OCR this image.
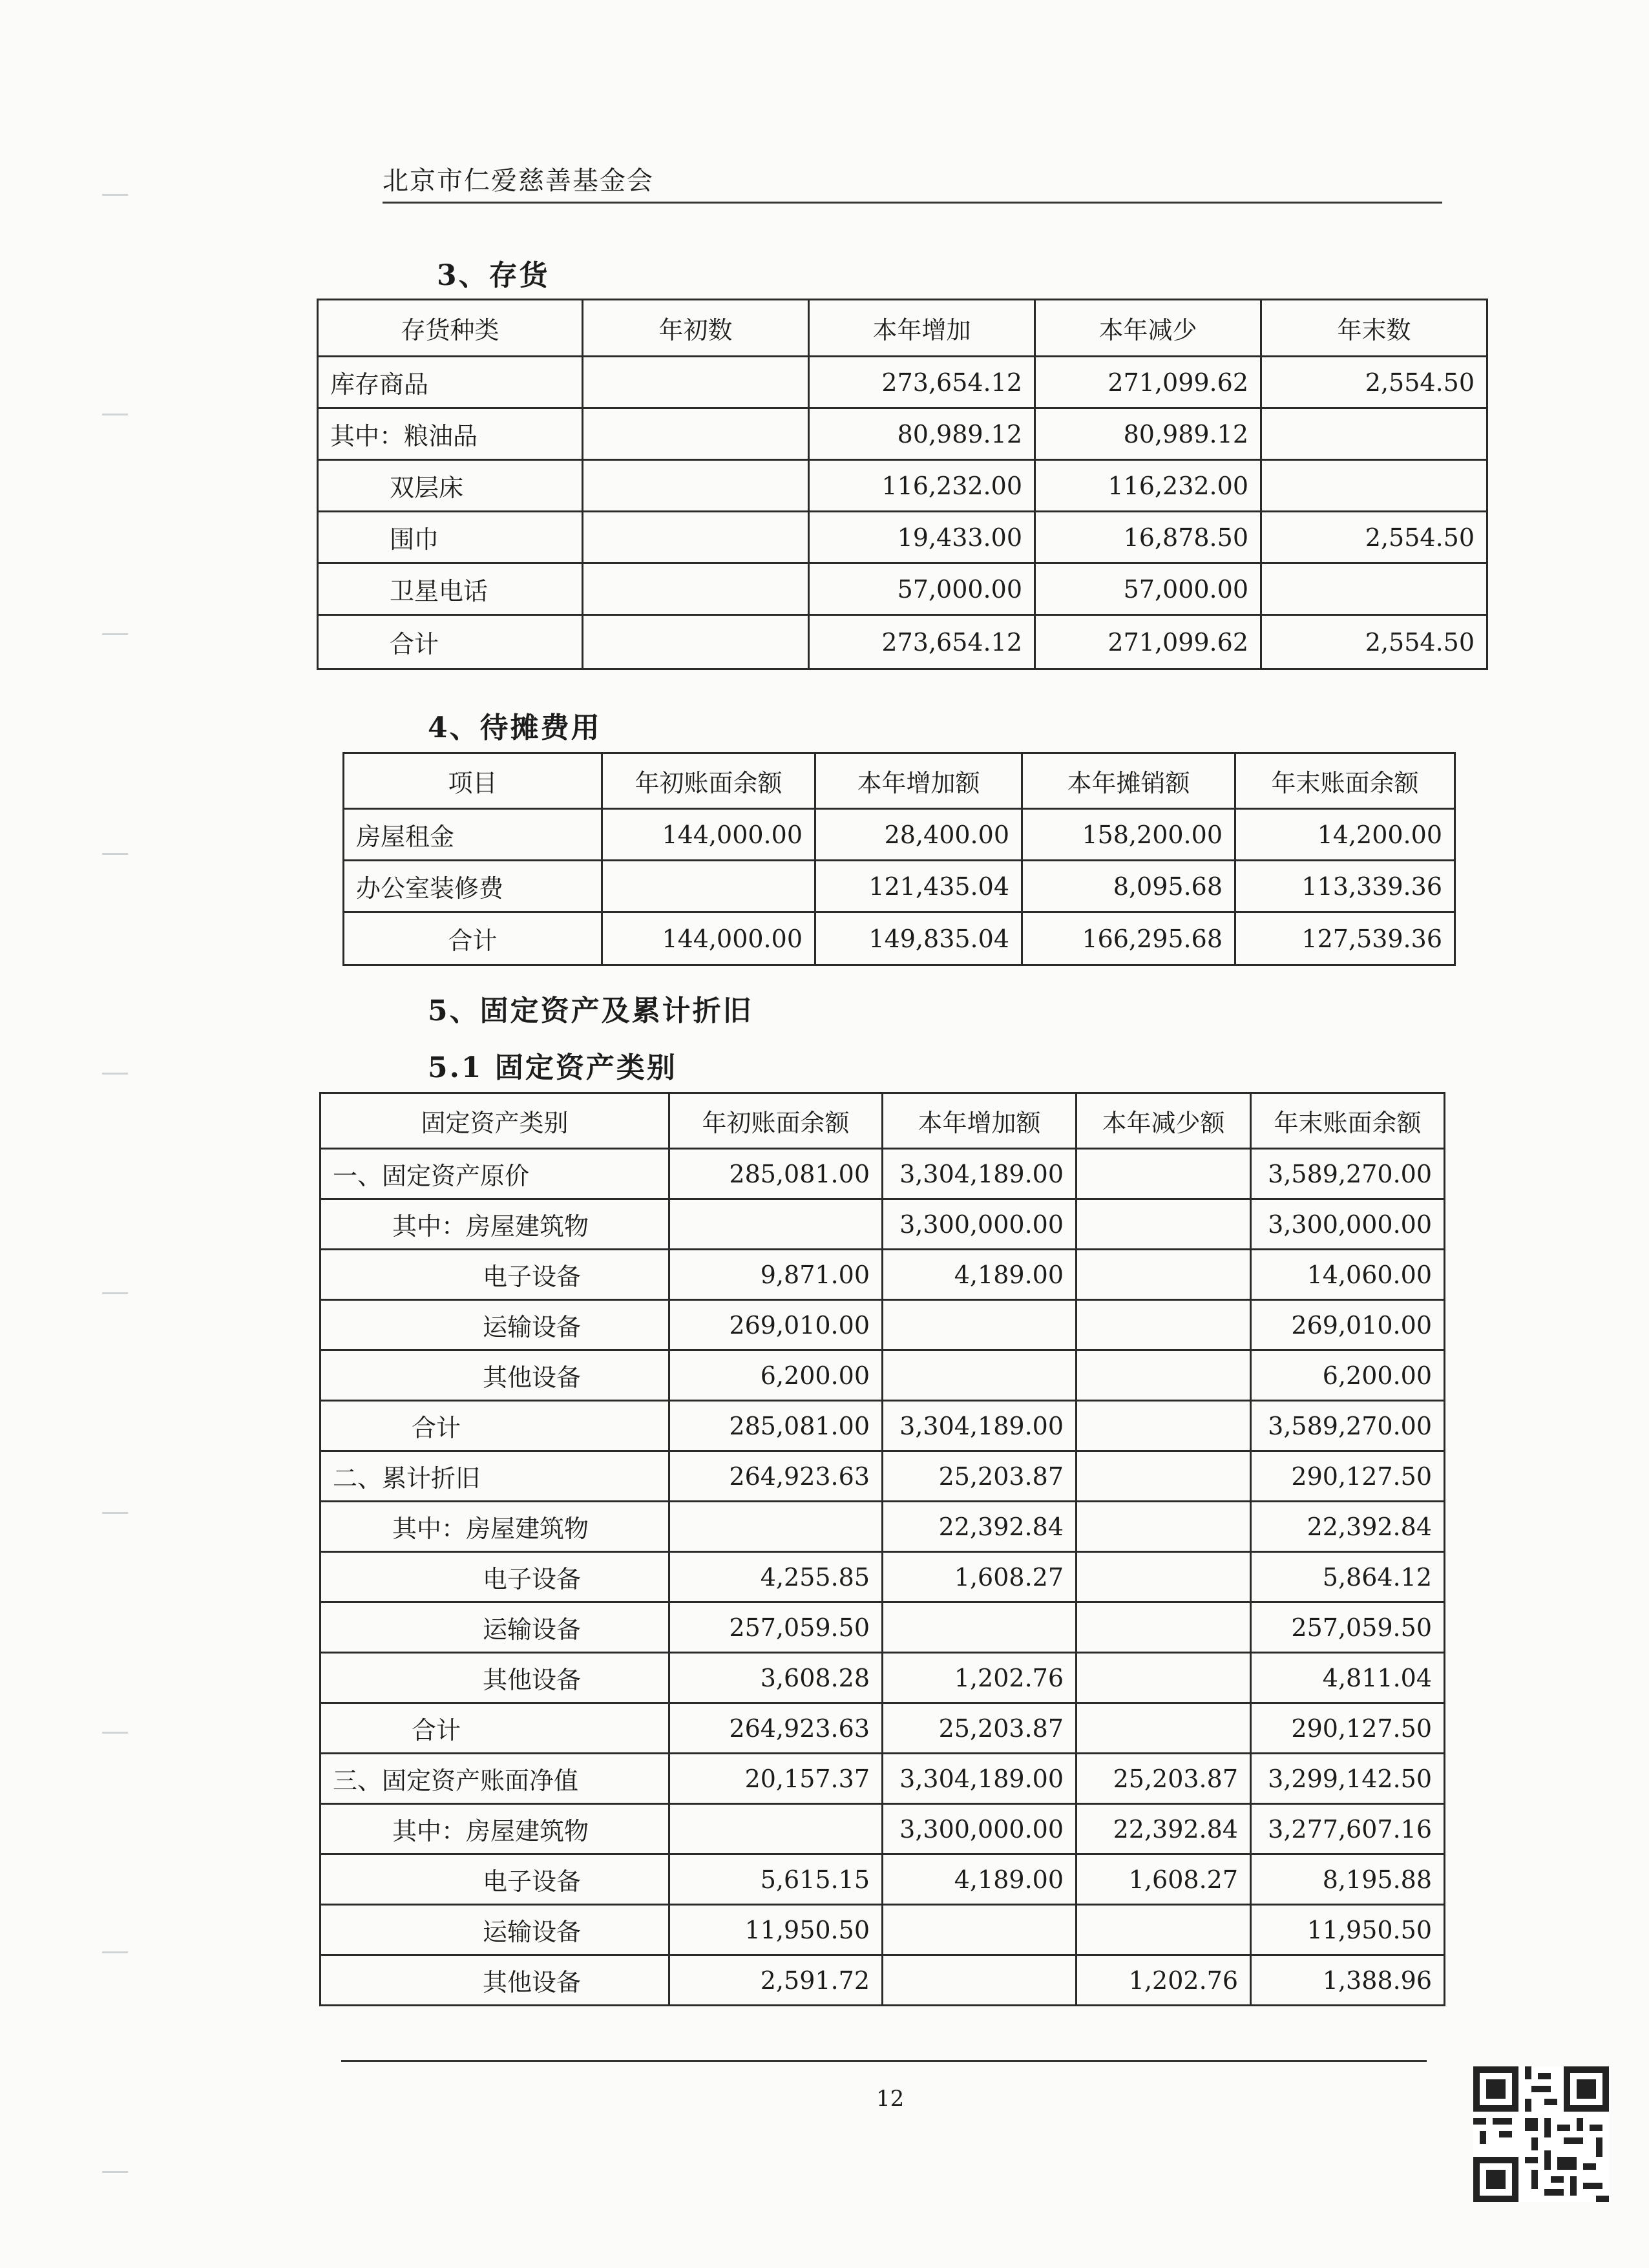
北京市仁爱慈善基金会
3、存货
存货种类	年初数	本年增加	本年减少	年末数
库存商品		273,654.12	271,099.62	2,554.50
其中：粮油品		80,989.12	80,989.12	
双层床		116,232.00	116,232.00	
围巾		19,433.00	16,878.50	2,554.50
卫星电话		57,000.00	57,000.00	
合计		273,654.12	271,099.62	2,554.50
4、待摊费用
项目	年初账面余额	本年增加额	本年摊销额	年末账面余额
房屋租金	144,000.00	28,400.00	158,200.00	14,200.00
办公室装修费		121,435.04	8,095.68	113,339.36
合计	144,000.00	149,835.04	166,295.68	127,539.36
5、固定资产及累计折旧
5.1 固定资产类别
固定资产类别	年初账面余额	本年增加额	本年减少额	年末账面余额
一、固定资产原价	285,081.00	3,304,189.00		3,589,270.00
其中：房屋建筑物		3,300,000.00		3,300,000.00
电子设备	9,871.00	4,189.00		14,060.00
运输设备	269,010.00			269,010.00
其他设备	6,200.00			6,200.00
合计	285,081.00	3,304,189.00		3,589,270.00
二、累计折旧	264,923.63	25,203.87		290,127.50
其中：房屋建筑物		22,392.84		22,392.84
电子设备	4,255.85	1,608.27		5,864.12
运输设备	257,059.50			257,059.50
其他设备	3,608.28	1,202.76		4,811.04
合计	264,923.63	25,203.87		290,127.50
三、固定资产账面净值	20,157.37	3,304,189.00	25,203.87	3,299,142.50
其中：房屋建筑物		3,300,000.00	22,392.84	3,277,607.16
电子设备	5,615.15	4,189.00	1,608.27	8,195.88
运输设备	11,950.50			11,950.50
其他设备	2,591.72		1,202.76	1,388.96
12
